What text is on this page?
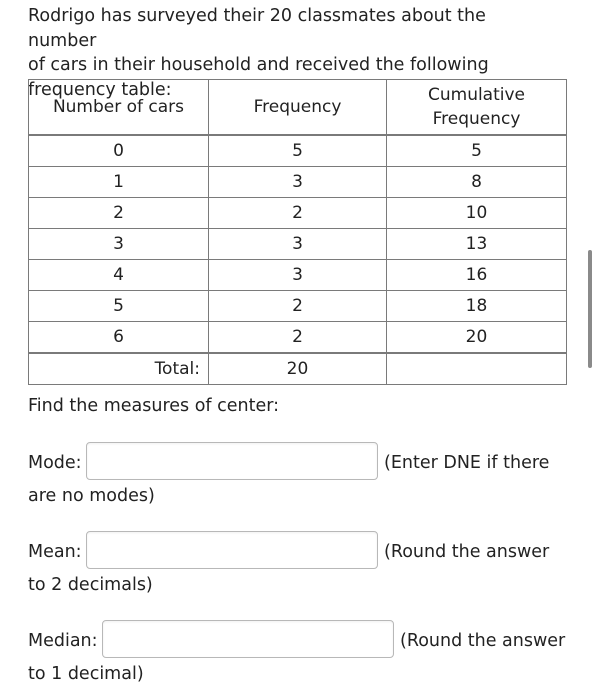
Rodrigo has surveyed their 20 classmates about the number
of cars in their household and received the following
frequency table:
Number of cars	Frequency	Cumulative
Frequency

0	5	5
1	3	8
2	2	10
3	3	13
4	3	16
5	2	18
6	2	20
Total:	20	
Find the measures of center:
Mode:	(Enter DNE if there
are no modes)
Mean:	(Round the answer
to 2 decimals)
Median:	(Round the answer
to 1 decimal)
